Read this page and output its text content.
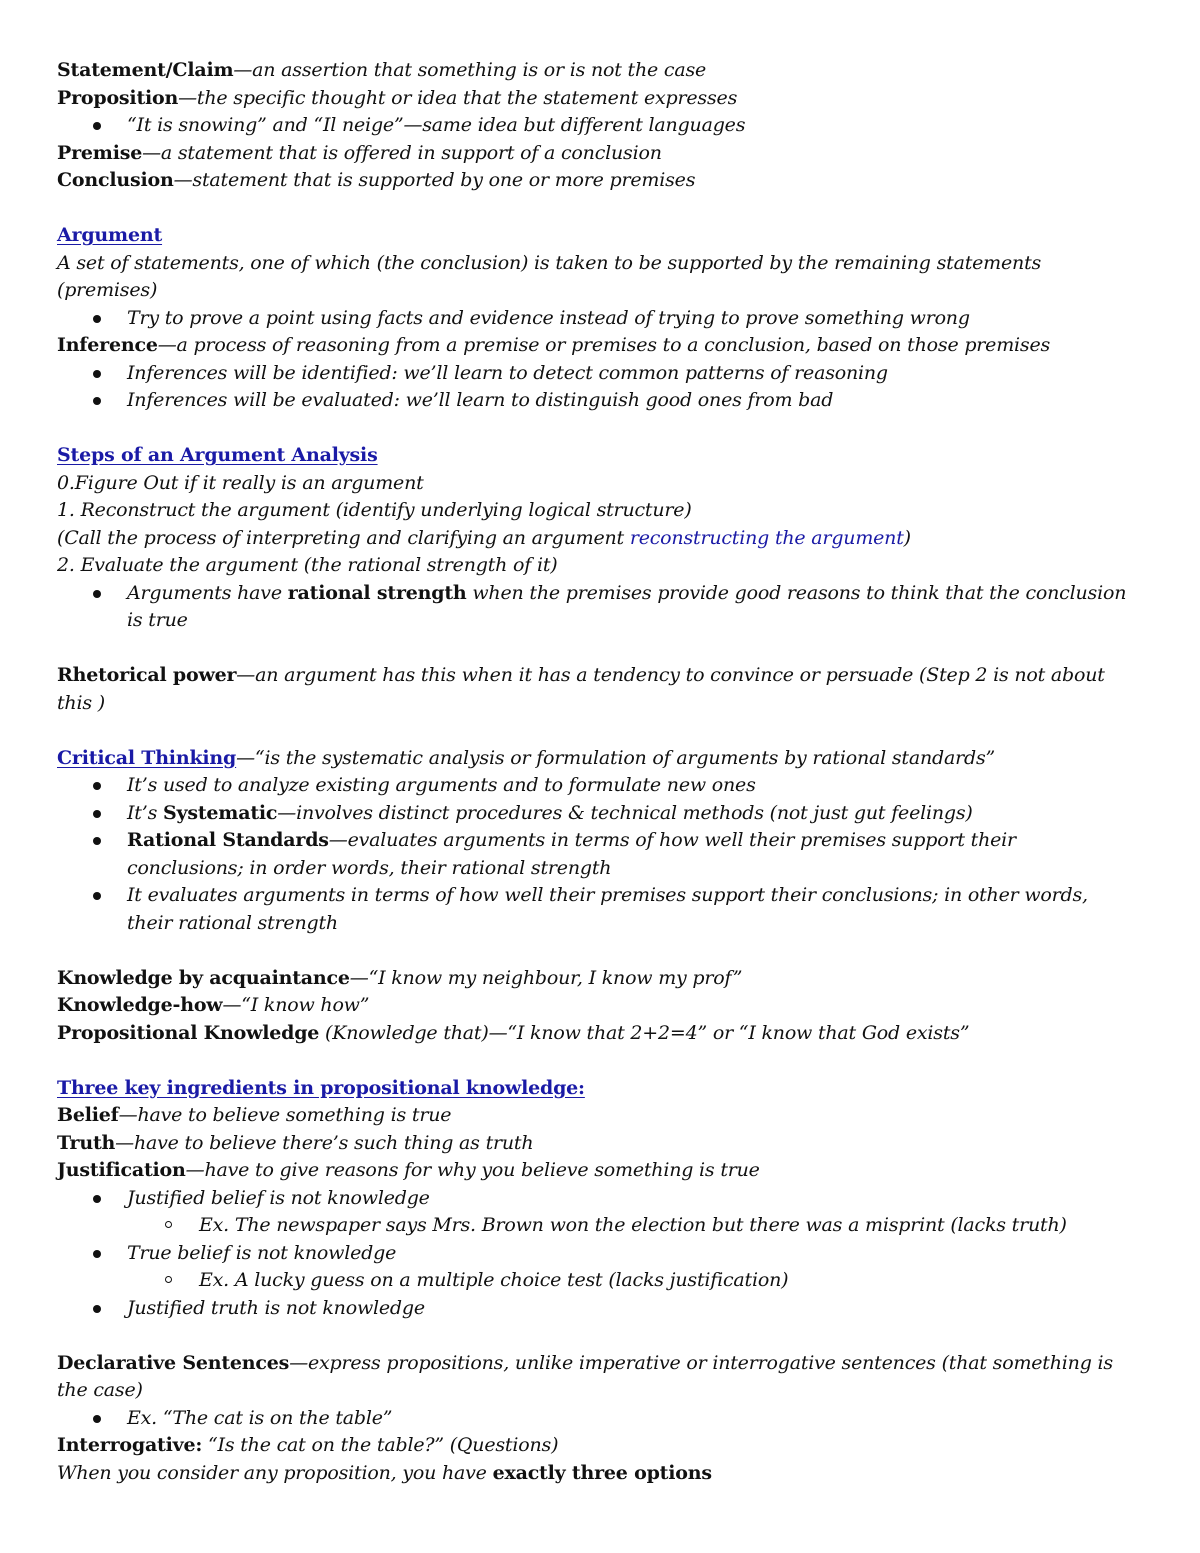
Statement/Claim—an assertion that something is or is not the case
Proposition—the specific thought or idea that the statement expresses
“It is snowing” and “Il neige”—same idea but different languages
Premise—a statement that is offered in support of a conclusion
Conclusion—statement that is supported by one or more premises
Argument
A set of statements, one of which (the conclusion) is taken to be supported by the remaining statements
(premises)
Try to prove a point using facts and evidence instead of trying to prove something wrong
Inference—a process of reasoning from a premise or premises to a conclusion, based on those premises
Inferences will be identified: we’ll learn to detect common patterns of reasoning
Inferences will be evaluated: we’ll learn to distinguish good ones from bad
Steps of an Argument Analysis
0.Figure Out if it really is an argument
1. Reconstruct the argument (identify underlying logical structure)
(Call the process of interpreting and clarifying an argument reconstructing the argument)
2. Evaluate the argument (the rational strength of it)
Arguments have rational strength when the premises provide good reasons to think that the conclusion
is true
Rhetorical power—an argument has this when it has a tendency to convince or persuade (Step 2 is not about
this )
Critical Thinking—“is the systematic analysis or formulation of arguments by rational standards”
It’s used to analyze existing arguments and to formulate new ones
It’s Systematic—involves distinct procedures & technical methods (not just gut feelings)
Rational Standards—evaluates arguments in terms of how well their premises support their
conclusions; in order words, their rational strength
It evaluates arguments in terms of how well their premises support their conclusions; in other words,
their rational strength
Knowledge by acquaintance—“I know my neighbour, I know my prof”
Knowledge-how—“I know how”
Propositional Knowledge (Knowledge that)—“I know that 2+2=4” or “I know that God exists”
Three key ingredients in propositional knowledge:
Belief—have to believe something is true
Truth—have to believe there’s such thing as truth
Justification—have to give reasons for why you believe something is true
Justified belief is not knowledge
Ex. The newspaper says Mrs. Brown won the election but there was a misprint (lacks truth)
True belief is not knowledge
Ex. A lucky guess on a multiple choice test (lacks justification)
Justified truth is not knowledge
Declarative Sentences—express propositions, unlike imperative or interrogative sentences (that something is
the case)
Ex. “The cat is on the table”
Interrogative: “Is the cat on the table?” (Questions)
When you consider any proposition, you have exactly three options
